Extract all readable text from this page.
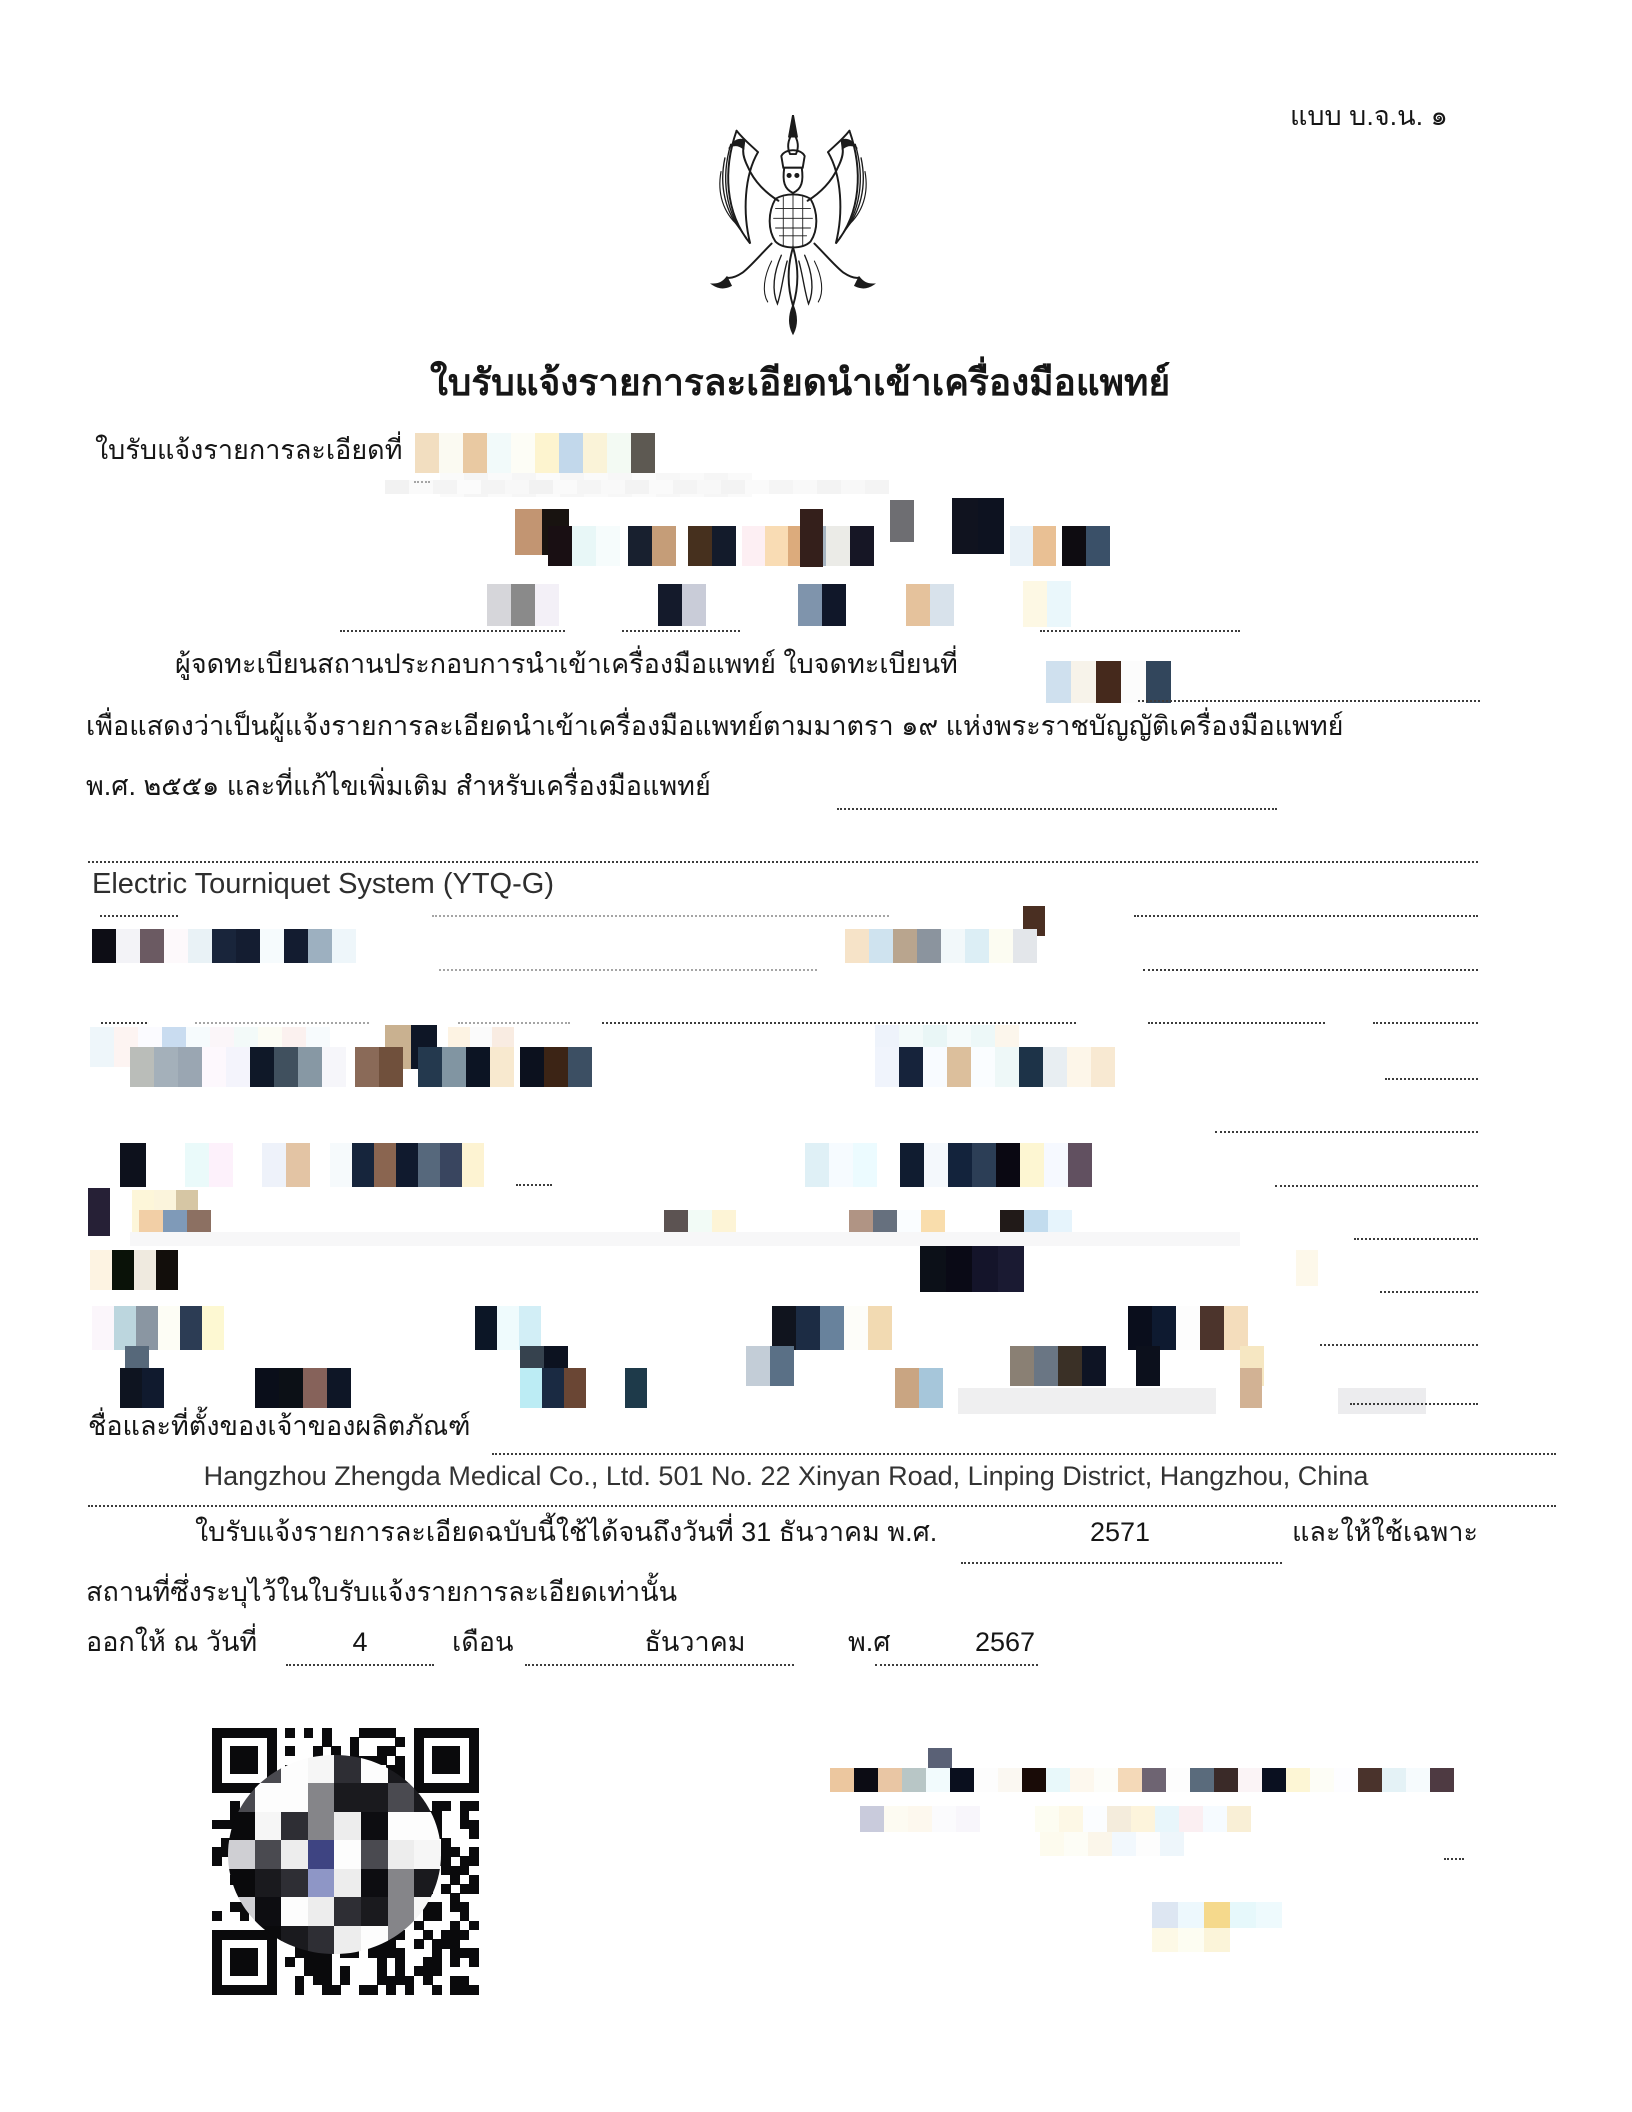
แบบ บ.จ.น. ๑
ใบรับแจ้งรายการละเอียดนำเข้าเครื่องมือแพทย์
ใบรับแจ้งรายการละเอียดที่
ผู้จดทะเบียนสถานประกอบการนำเข้าเครื่องมือแพทย์ ใบจดทะเบียนที่
เพื่อแสดงว่าเป็นผู้แจ้งรายการละเอียดนำเข้าเครื่องมือแพทย์ตามมาตรา ๑๙ แห่งพระราชบัญญัติเครื่องมือแพทย์
พ.ศ. ๒๕๕๑ และที่แก้ไขเพิ่มเติม สำหรับเครื่องมือแพทย์
Electric Tourniquet System (YTQ-G)
ชื่อและที่ตั้งของเจ้าของผลิตภัณฑ์
Hangzhou Zhengda Medical Co., Ltd. 501 No. 22 Xinyan Road, Linping District, Hangzhou, China
ใบรับแจ้งรายการละเอียดฉบับนี้ใช้ได้จนถึงวันที่ 31 ธันวาคม พ.ศ.	2571	และให้ใช้เฉพาะ
สถานที่ซึ่งระบุไว้ในใบรับแจ้งรายการละเอียดเท่านั้น
ออกให้ ณ วันที่	4	เดือน	ธันวาคม	พ.ศ	2567
